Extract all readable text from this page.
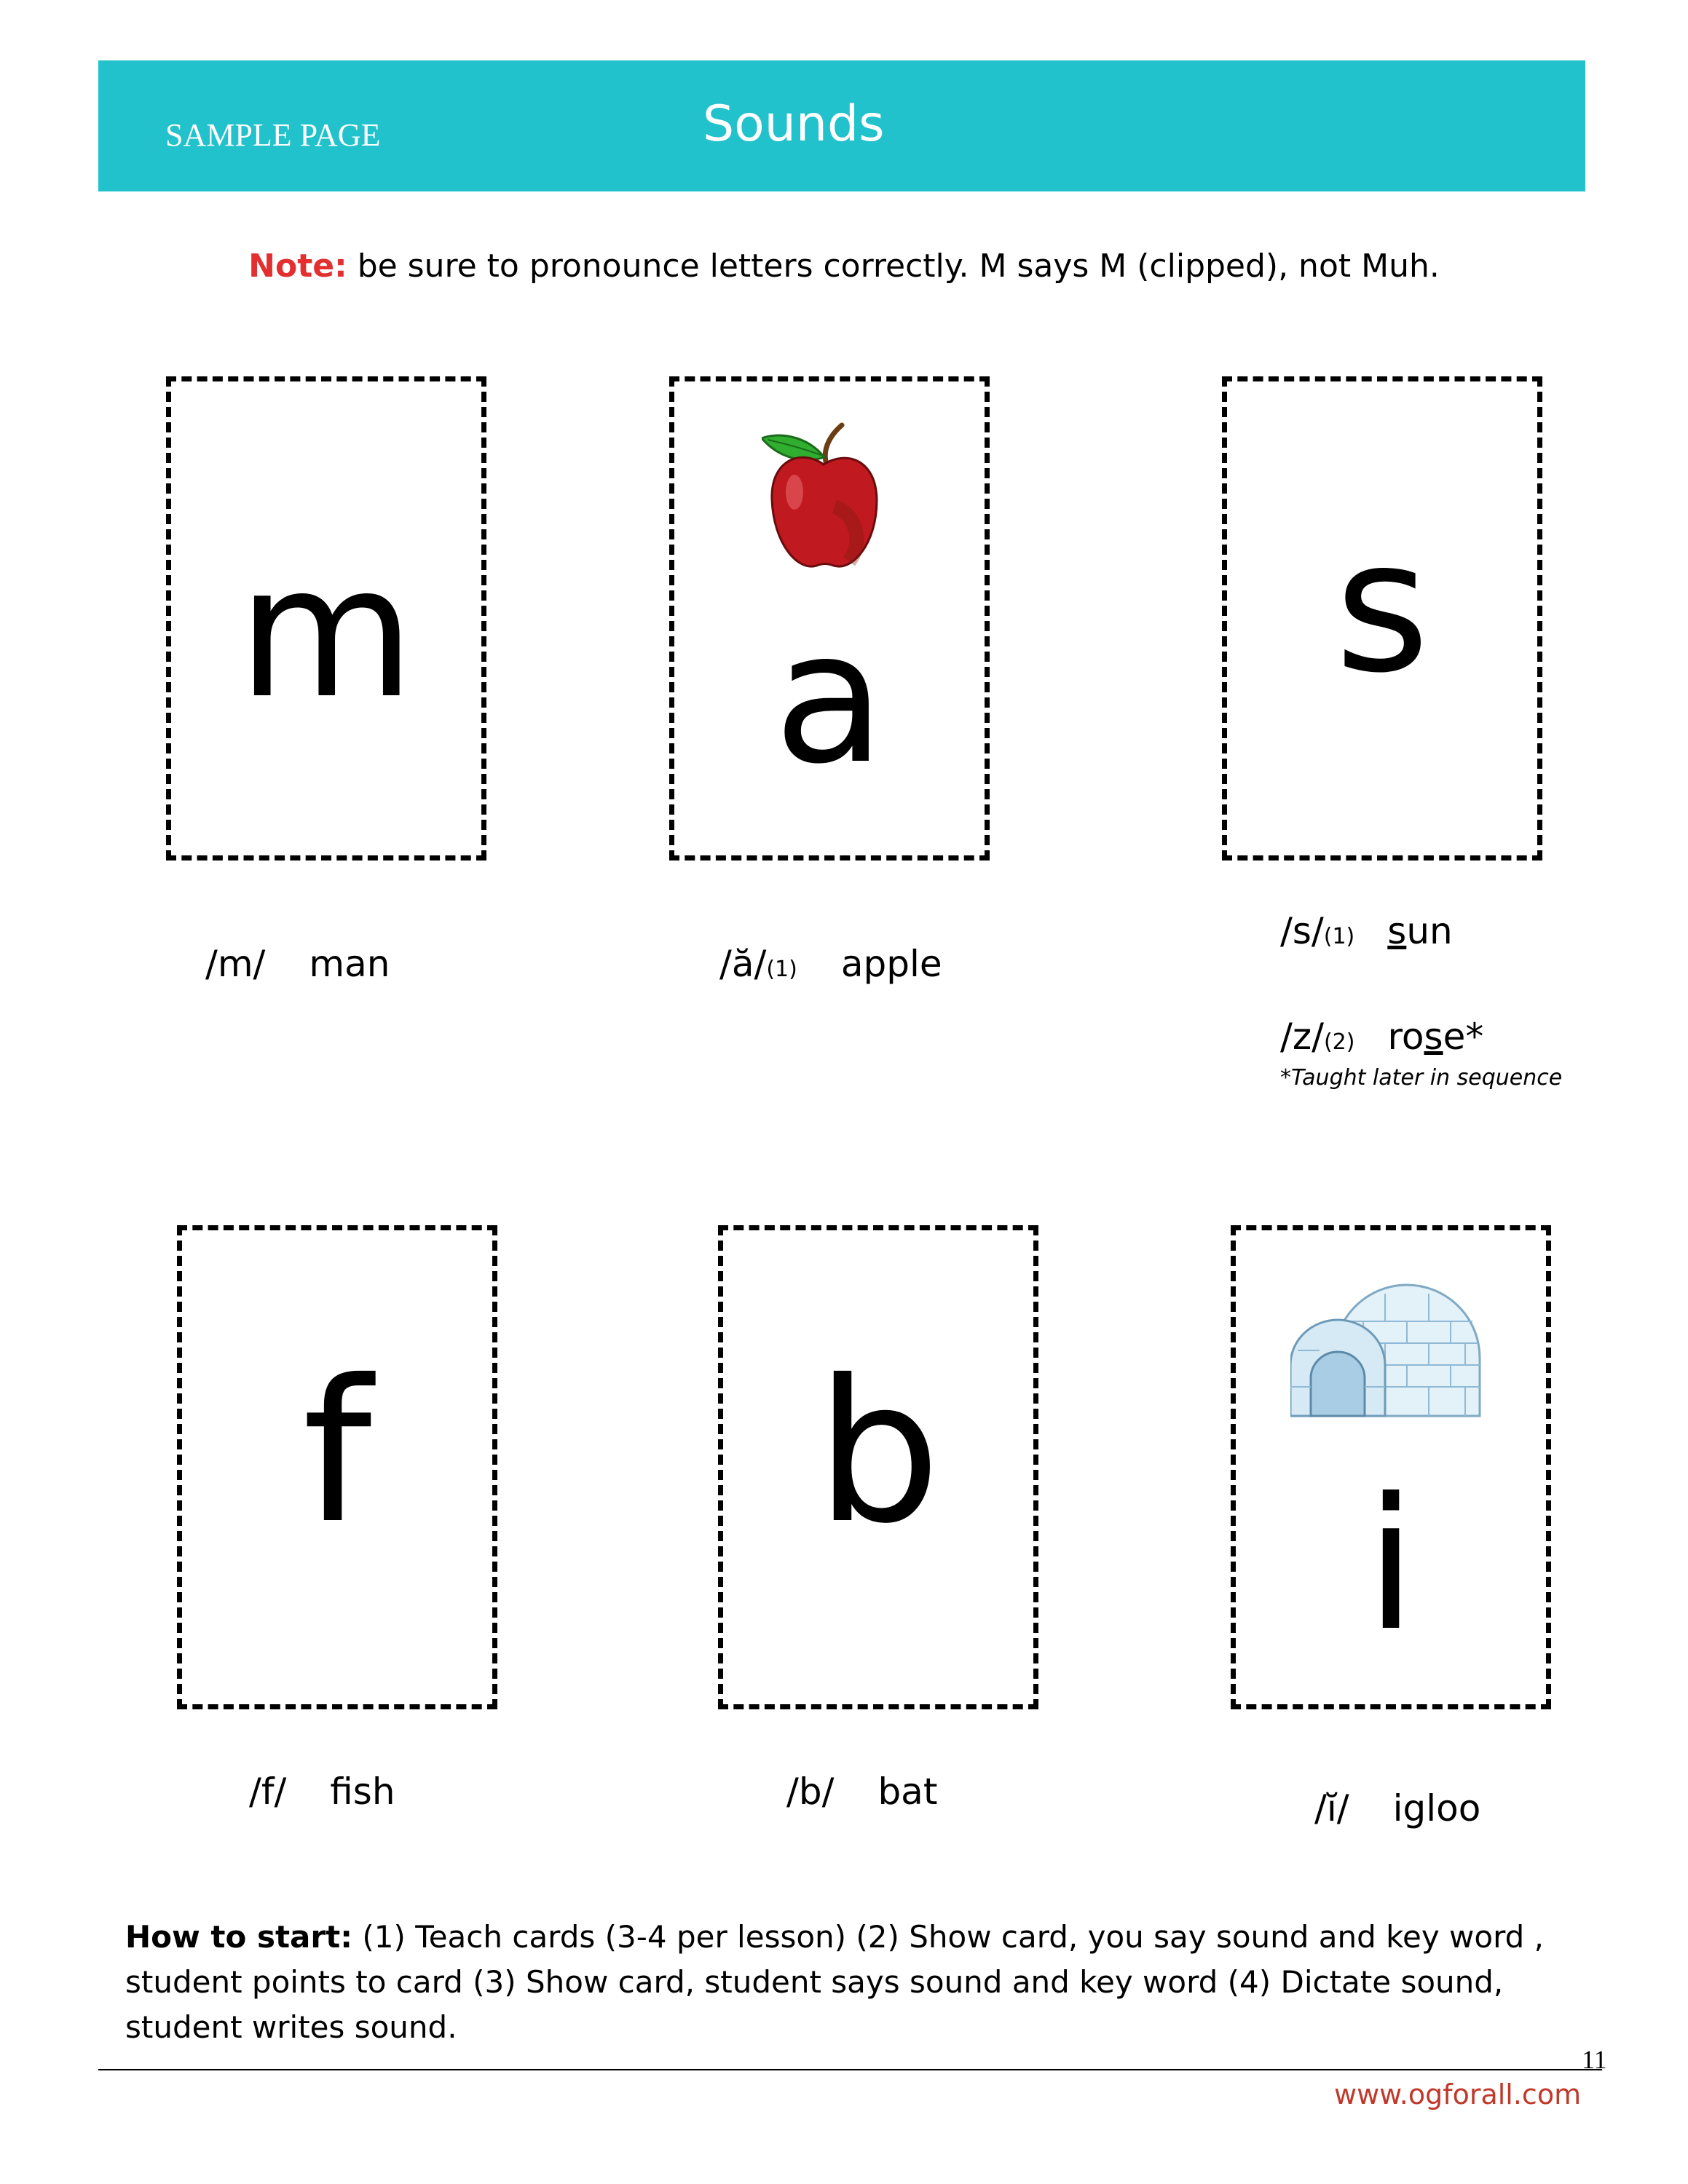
SAMPLE PAGE	Sounds
Note: be sure to pronounce letters correctly. M says M (clipped), not Muh.
m
/m/ man
a
/ă/(1) apple
s
/s/(1) sun
/z/(2) rose*
*Taught later in sequence
f
/f/ fish
b
/b/ bat
i
/ĭ/ igloo
How to start: (1) Teach cards (3-4 per lesson) (2) Show card, you say sound and key word , student points to card (3) Show card, student says sound and key word (4) Dictate sound, student writes sound.
11
www.ogforall.com
